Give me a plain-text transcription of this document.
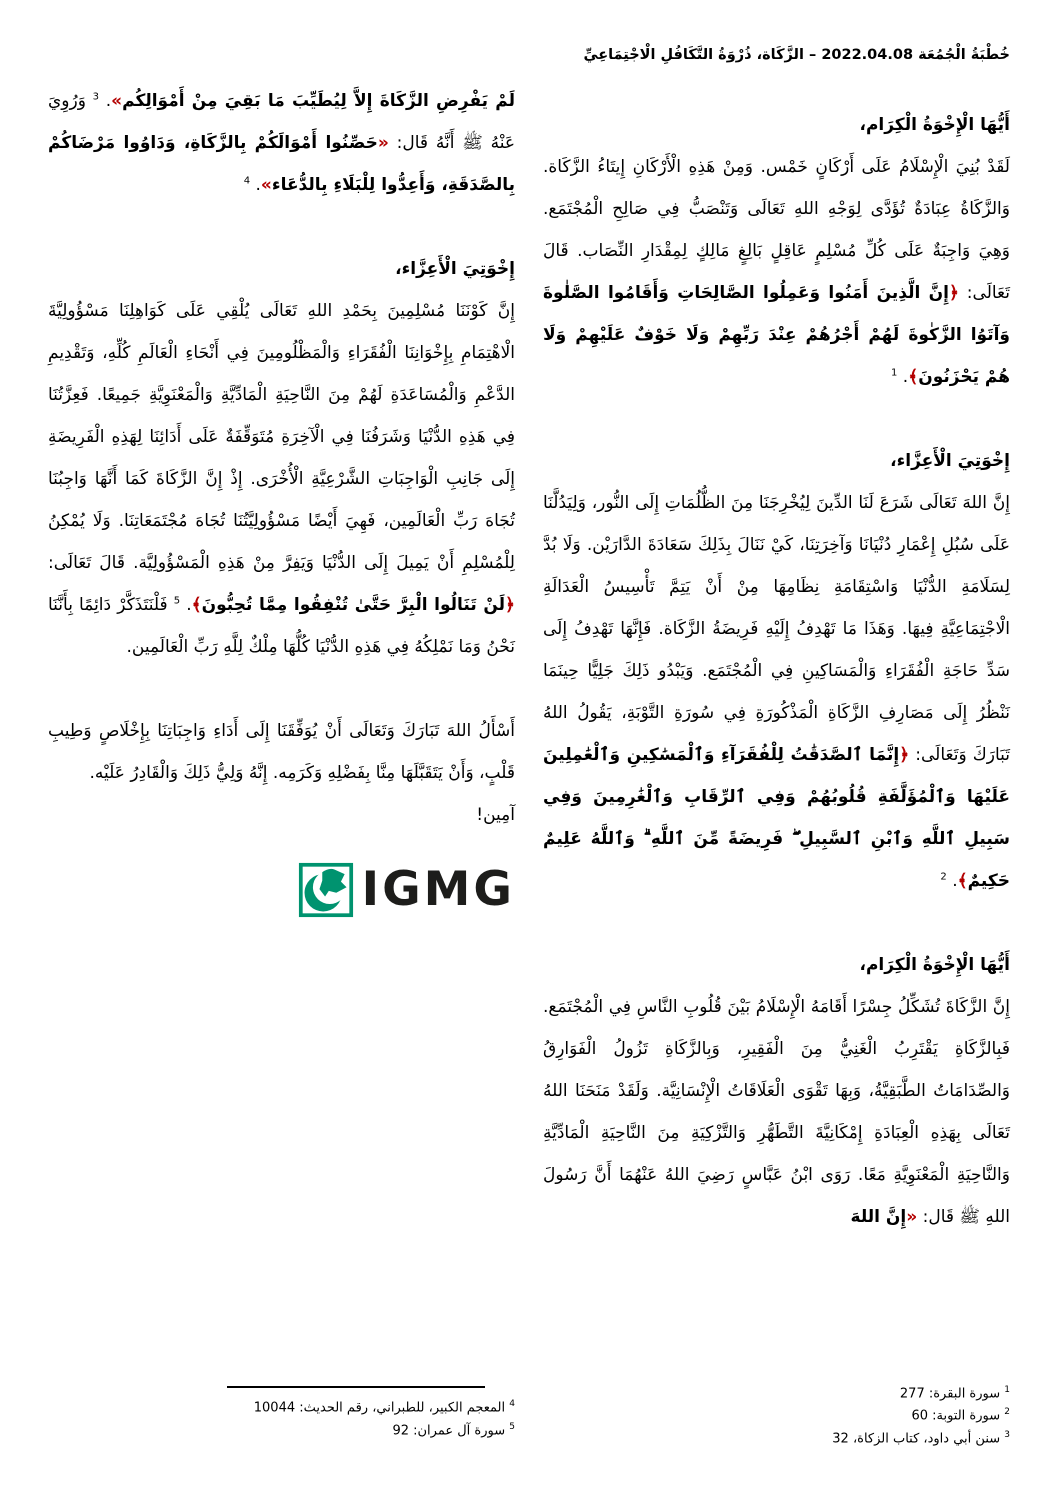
خُطْبَةُ الْجُمُعَة 2022.04.08 – الزَّكَاة، ذُرْوَةُ التَّكَافُلِ الْاجْتِمَاعِيِّ
أَيُّهَا الْإِخْوَةُ الْكِرَام،

لَقَدْ بُنِيَ الْإِسْلَامُ عَلَى أَرْكَانٍ خَمْس. وَمِنْ هَذِهِ الْأَرْكَانِ إِيتَاءُ الزَّكَاة. وَالزَّكَاةُ عِبَادَةٌ تُؤَدَّى لِوَجْهِ اللهِ تَعَالَى وَتَنْصَبُّ فِي صَالِحِ الْمُجْتَمَع. وَهِيَ وَاجِبَةٌ عَلَى كُلِّ مُسْلِمٍ عَاقِلٍ بَالِغٍ مَالِكٍ لِمِقْدَارِ النِّصَاب. قَالَ تَعَالَى: ﴿إِنَّ الَّذِينَ أَمَنُوا وَعَمِلُوا الصَّالِحَاتِ وَأَقَامُوا الصَّلٰوةَ وَآتَوُا الزَّكٰوةَ لَهُمْ أَجْرُهُمْ عِنْدَ رَبِّهِمْ وَلَا خَوْفٌ عَلَيْهِمْ وَلَا هُمْ يَحْزَنُونَ﴾. $^1$

إِخْوَتِيَ الْأَعِزَّاء،

إِنَّ اللهَ تَعَالَى شَرَعَ لَنَا الدِّينَ لِيُخْرِجَنَا مِنَ الظُّلُمَاتِ إِلَى النُّور، وَلِيَدُلَّنَا عَلَى سُبُلِ إِعْمَارِ دُنْيَانَا وَآخِرَتِنَا، كَيْ نَنَالَ بِذَلِكَ سَعَادَةَ الدَّارَيْن. وَلَا بُدَّ لِسَلَامَةِ الدُّنْيَا وَاسْتِقَامَةِ نِظَامِهَا مِنْ أَنْ يَتِمَّ تَأْسِيسُ الْعَدَالَةِ الْاجْتِمَاعِيَّةِ فِيهَا. وَهَذَا مَا تَهْدِفُ إِلَيْهِ فَرِيضَةُ الزَّكَاة. فَإِنَّهَا تَهْدِفُ إِلَى سَدِّ حَاجَةِ الْفُقَرَاءِ وَالْمَسَاكِينِ فِي الْمُجْتَمَع. وَيَبْدُو ذَلِكَ جَلِيًّا حِينَمَا نَنْظُرُ إِلَى مَصَارِفِ الزَّكَاةِ الْمَذْكُورَةِ فِي سُورَةِ التَّوْبَةِ، يَقُولُ اللهُ تَبَارَكَ وَتَعَالَى: ﴿إِنَّمَا ٱلصَّدَقَٰتُ لِلْفُقَرَآءِ وَٱلْمَسَٰكِينِ وَٱلْعَٰمِلِينَ عَلَيْهَا وَٱلْمُؤَلَّفَةِ قُلُوبُهُمْ وَفِي ٱلرِّقَابِ وَٱلْغَٰرِمِينَ وَفِي سَبِيلِ ٱللَّهِ وَٱبْنِ ٱلسَّبِيلِ ۖ فَرِيضَةً مِّنَ ٱللَّهِ ۗ وَٱللَّهُ عَلِيمٌ حَكِيمٌ﴾. $^2$

أَيُّهَا الْإِخْوَةُ الْكِرَام،

إِنَّ الزَّكَاةَ تُشَكِّلُ جِسْرًا أَقَامَهُ الْإِسْلَامُ بَيْنَ قُلُوبِ النَّاسِ فِي الْمُجْتَمَع. فَبِالزَّكَاةِ يَقْتَرِبُ الْغَنِيُّ مِنَ الْفَقِيرِ، وَبِالزَّكَاةِ تَزُولُ الْفَوَارِقُ وَالصِّدَامَاتُ الطَّبَقِيَّةُ، وَبِهَا تَقْوَى الْعَلَاقَاتُ الْإِنْسَانِيَّة. وَلَقَدْ مَنَحَنَا اللهُ تَعَالَى بِهَذِهِ الْعِبَادَةِ إِمْكَانِيَّةَ التَّطَهُّرِ وَالتَّزْكِيَةِ مِنَ النَّاحِيَةِ الْمَادِّيَّةِ وَالنَّاحِيَةِ الْمَعْنَوِيَّةِ مَعًا. رَوَى ابْنُ عَبَّاسٍ رَضِيَ اللهُ عَنْهُمَا أَنَّ رَسُولَ اللهِ ﷺ قَال: «إِنَّ اللهَ

لَمْ يَفْرِضِ الزَّكَاةَ إِلاَّ لِيُطَيِّبَ مَا بَقِيَ مِنْ أَمْوَالِكُم». $^3$ وَرُوِيَ عَنْهُ ﷺ أَنَّهُ قَال: «حَصِّنُوا أَمْوَالَكُمْ بِالزَّكَاةِ، وَدَاوُوا مَرْضَاكُمْ بِالصَّدَقَةِ، وَأَعِدُّوا لِلْبَلَاءِ بِالدُّعَاء». $^4$

إِخْوَتِيَ الْأَعِزَّاء،

إِنَّ كَوْنَنَا مُسْلِمِينَ بِحَمْدِ اللهِ تَعَالَى يُلْقِي عَلَى كَوَاهِلِنَا مَسْؤُولِيَّةَ الْاهْتِمَامِ بِإِخْوَانِنَا الْفُقَرَاءِ وَالْمَظْلُومِينَ فِي أَنْحَاءِ الْعَالَمِ كُلِّهِ، وَتَقْدِيمِ الدَّعْمِ وَالْمُسَاعَدَةِ لَهُمْ مِنَ النَّاحِيَةِ الْمَادِّيَّةِ وَالْمَعْنَوِيَّةِ جَمِيعًا. فَعِزَّتُنَا فِي هَذِهِ الدُّنْيَا وَشَرَفُنَا فِي الْآخِرَةِ مُتَوَقِّفَةٌ عَلَى أَدَائِنَا لِهَذِهِ الْفَرِيضَةِ إِلَى جَانِبِ الْوَاجِبَاتِ الشَّرْعِيَّةِ الْأُخْرَى. إِذْ إِنَّ الزَّكَاةَ كَمَا أَنَّهَا وَاجِبُنَا تُجَاهَ رَبِّ الْعَالَمِين، فَهِيَ أَيْضًا مَسْؤُولِيَّتُنَا تُجَاهَ مُجْتَمَعَاتِنَا. وَلَا يُمْكِنُ لِلْمُسْلِمِ أَنْ يَمِيلَ إِلَى الدُّنْيَا وَيَفِرَّ مِنْ هَذِهِ الْمَسْؤُولِيَّة. قَالَ تَعَالَى: ﴿لَنْ تَنَالُوا الْبِرَّ حَتَّىٰ تُنْفِقُوا مِمَّا تُحِبُّونَ﴾. $^5$ فَلْنَتَذَكَّرْ دَائِمًا بِأَنَّنَا نَحْنُ وَمَا نَمْلِكُهُ فِي هَذِهِ الدُّنْيَا كُلُّهَا مِلْكٌ لِلَّهِ رَبِّ الْعَالَمِين.

أَسْأَلُ اللهَ تَبَارَكَ وَتَعَالَى أَنْ يُوَفِّقَنَا إِلَى أَدَاءِ وَاجِبَاتِنَا بِإِخْلَاصٍ وَطِيبِ قَلْبٍ، وَأَنْ يَتَقَبَّلَهَا مِنَّا بِفَضْلِهِ وَكَرَمِه. إِنَّهُ وَلِيُّ ذَلِكَ وَالْقَادِرُ عَلَيْه.

آمِين!

IGMG
$^1$ سورة البقرة: 277
$^2$ سورة التوبة: 60
$^3$ سنن أبي داود، كتاب الزكاة، 32
$^4$ المعجم الكبير، للطبراني، رقم الحديث: 10044
$^5$ سورة آل عمران: 92
